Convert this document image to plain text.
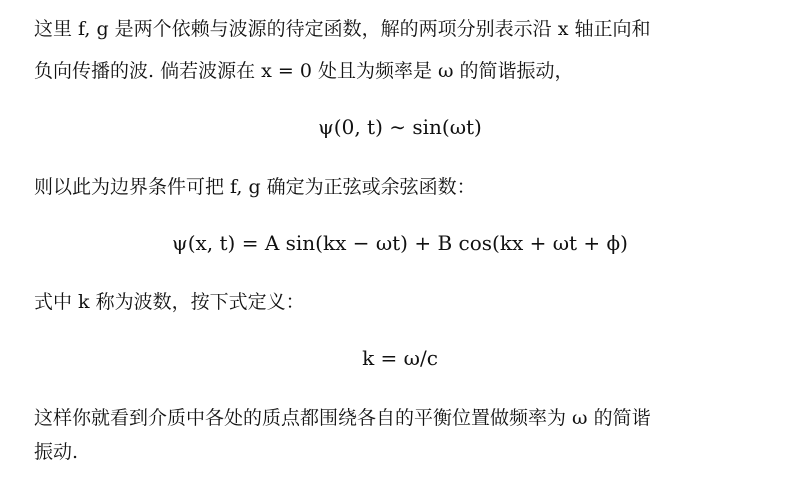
这里 f, g 是两个依赖与波源的待定函数，解的两项分别表示沿 x 轴正向和
负向传播的波. 倘若波源在 x = 0 处且为频率是 ω 的简谐振动，
ψ(0, t) ∼ sin(ωt)
则以此为边界条件可把 f, g 确定为正弦或余弦函数：
ψ(x, t) = A sin(kx − ωt) + B cos(kx + ωt + ϕ)
式中 k 称为波数，按下式定义：
k = ω/c
这样你就看到介质中各处的质点都围绕各自的平衡位置做频率为 ω 的简谐
振动.
